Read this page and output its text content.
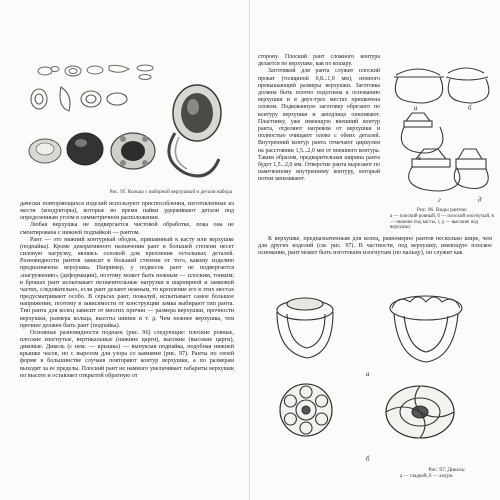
Рис. 95. Кольцо с наборной верхушкой и детали набора

дачески повторяющихся изделий используют приспособления, изготовленные из жести (кондукторы), которые во время пайки удерживают детали под определенным углом в симметричном расположении.

Любая верхушка не подвергается чистовой обработке, пока она не смонтирована с нижней подпайкой — рантом.

Рант — это нижний контурный ободок, припаянный к касту или верхушке (подпайка). Кроме декоративного назначения рант в большей степени несет силовую нагрузку, являясь основой для крепления остальных деталей. Разновидности рантов зависят в большей степени от того, какому изделию предназначена верхушка. Например, у подвесок рант не подвергается «нагружению» (деформации), поэтому может быть нежным — плоским, тонким; в брошах рант испытывает незначительные нагрузки в шарнирной и замковой частях, следовательно, если рант делают нежным, то крепление его в этих местах предусматривают особо. В серьгах рант, пожалуй, испытывает самое большое напряжение, поэтому в зависимости от конструкции замка выбирают тип ранта. Тип ранта для колец зависит от многих причин — размера верхушки, прочности верхушки, размера кольца, высоты шинки и т. д. Чем нежнее верхушка, тем прочнее должен быть рант (подпайка).

Основные разновидности подпаек (рис. 96) следующие: плоские ровные, плоские изогнутые, вертикальные (нижние царги), высокие (высокие царги), диковые. Дикель (с нем. — крышка) — выпуклая подпайка, подобная нижней крышке часов, но с вырезом для узора со камнями (рис. 97). Ранты по своей форме в большинстве случаев повторяют контур верхушки, а по размерам выходят за ее пределы. Плоский рант не намного увеличивает габариты верхушек по высоте и оставляет открытой обратную от

сторону. Плоский рант сложного контура делается по верхушке, как по кошару.

Заготовкой для ранта служит плоский прокат (толщиной 0,8...1,0 мм), немного превышающий размеры верхушки. Заготовка должна быть плотно подогнана к основанию верхушки и в двух-трех местах прихвачена оловом. Подкованную заготовку обрезают по контуру верхушки и заподлицо опиливают. Пластинку, уже имеющую внешний контур ранта, отделяют нагревом от верхушки и полностью очищают олово с обеих деталей. Внутренний контур ранта отмечают циркулем на расстоянии 1,5...2,0 мм от внешнего контура. Таким образом, предварительная ширина ранта будет 1,5...2,0 мм. Отверстие ранта вырезают по намеченному внутреннему контуру, который потом запиливают.

а	б
в
г	д
Рис. 96. Виды рантов:
а — плоский ровный, б — плоский изогнутый, в — нижние под касты, г, д — высокие под верхушку

К верхушке, предназначенным для колец, равномерно рантов несколько шире, чем для других изделий (см. рис. 97). В частности, под верхушку, имеющую плоское основание, рант может быть изготовлен изогнутым (по пальцу), он служит как

а
б
Рис. 97. Дикель:
а — гладкий, б — ажурн.
